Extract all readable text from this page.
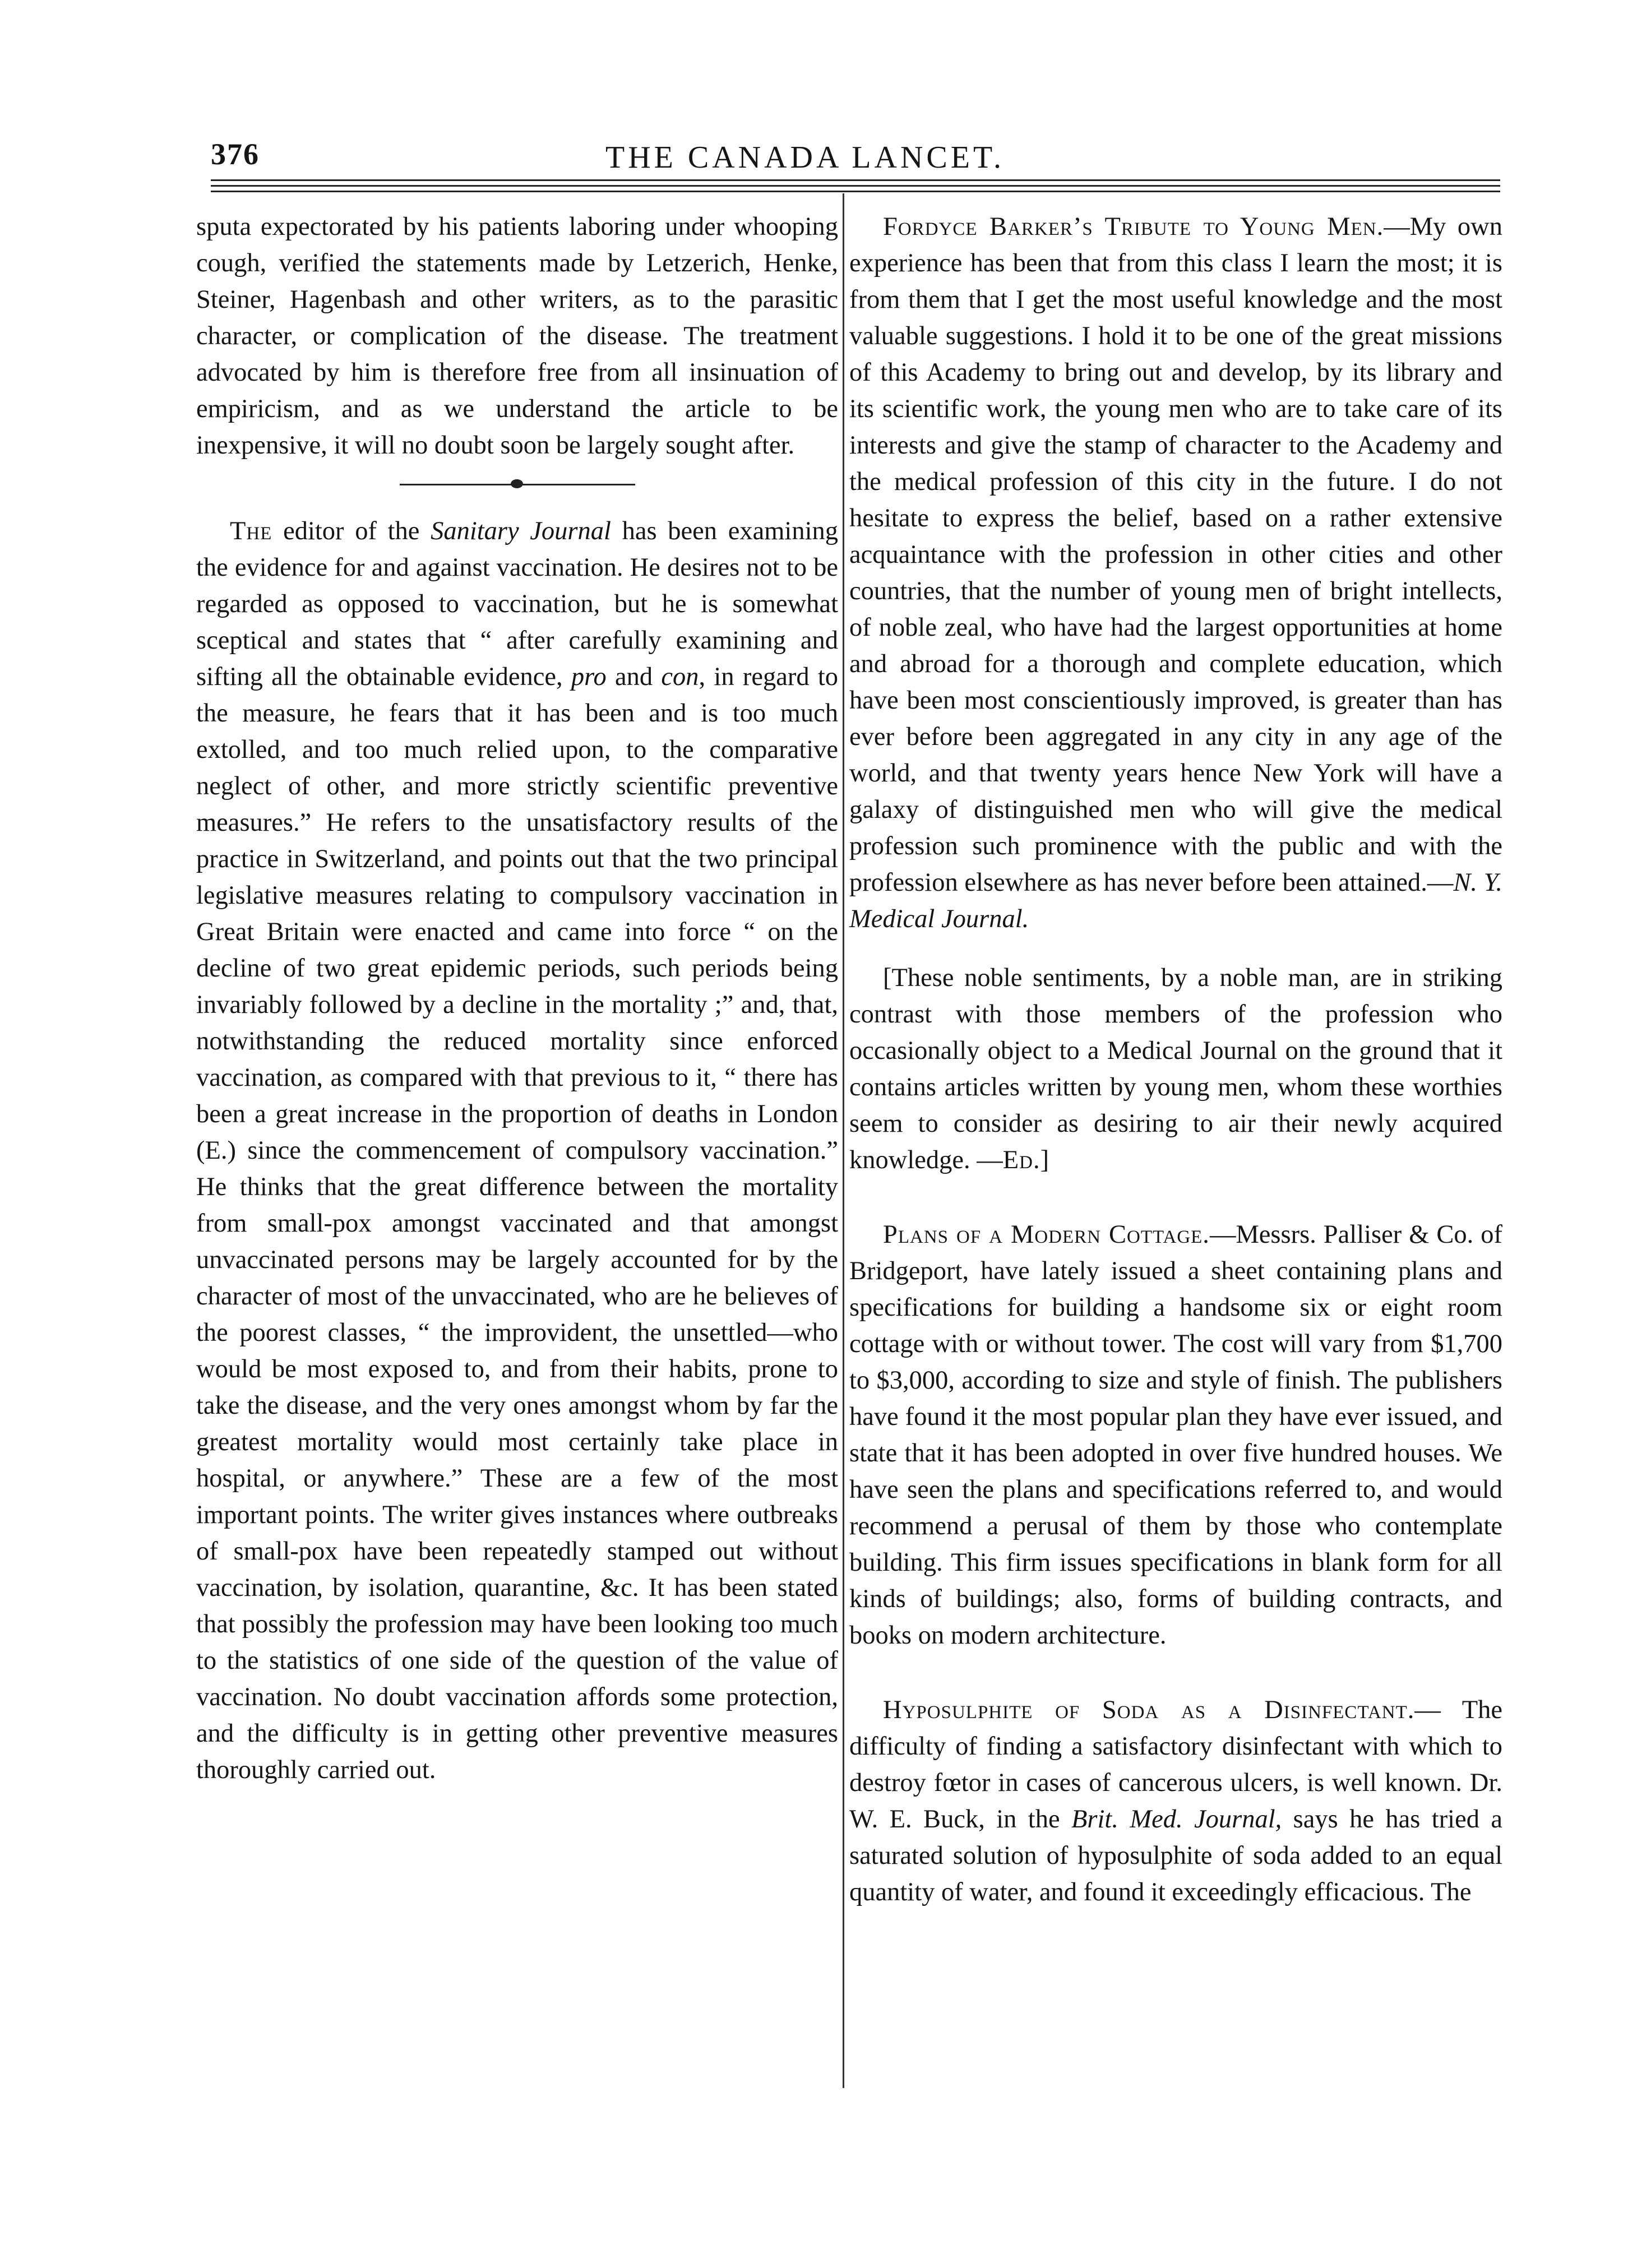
376	THE CANADA LANCET.

sputa expectorated by his patients laboring under whooping cough, verified the statements made by Letzerich, Henke, Steiner, Hagenbash and other writers, as to the parasitic character, or complication of the disease. The treatment advocated by him is therefore free from all insinuation of empiricism, and as we understand the article to be inexpensive, it will no doubt soon be largely sought after.

The editor of the Sanitary Journal has been examining the evidence for and against vaccination. He desires not to be regarded as opposed to vaccination, but he is somewhat sceptical and states that “ after carefully examining and sifting all the obtainable evidence, pro and con, in regard to the measure, he fears that it has been and is too much extolled, and too much relied upon, to the comparative neglect of other, and more strictly scientific preventive measures.” He refers to the unsatisfactory results of the practice in Switzerland, and points out that the two principal legislative measures relating to compulsory vaccination in Great Britain were enacted and came into force “ on the decline of two great epidemic periods, such periods being invariably followed by a decline in the mortality ;” and, that, notwithstanding the reduced mortality since enforced vaccination, as compared with that previous to it, “ there has been a great increase in the proportion of deaths in London (E.) since the commencement of compulsory vaccination.” He thinks that the great difference between the mortality from small-pox amongst vaccinated and that amongst unvaccinated persons may be largely accounted for by the character of most of the unvaccinated, who are he believes of the poorest classes, “ the improvident, the unsettled—who would be most exposed to, and from their habits, prone to take the disease, and the very ones amongst whom by far the greatest mortality would most certainly take place in hospital, or anywhere.” These are a few of the most important points. The writer gives instances where outbreaks of small-pox have been repeatedly stamped out without vaccination, by isolation, quarantine, &c. It has been stated that possibly the profession may have been looking too much to the statistics of one side of the question of the value of vaccination. No doubt vaccination affords some protection, and the difficulty is in getting other preventive measures thoroughly carried out.

Fordyce Barker’s Tribute to Young Men.—My own experience has been that from this class I learn the most; it is from them that I get the most useful knowledge and the most valuable suggestions. I hold it to be one of the great missions of this Academy to bring out and develop, by its library and its scientific work, the young men who are to take care of its interests and give the stamp of character to the Academy and the medical profession of this city in the future. I do not hesitate to express the belief, based on a rather extensive acquaintance with the profession in other cities and other countries, that the number of young men of bright intellects, of noble zeal, who have had the largest opportunities at home and abroad for a thorough and complete education, which have been most conscientiously improved, is greater than has ever before been aggregated in any city in any age of the world, and that twenty years hence New York will have a galaxy of distinguished men who will give the medical profession such prominence with the public and with the profession elsewhere as has never before been attained.—N. Y. Medical Journal.

[These noble sentiments, by a noble man, are in striking contrast with those members of the profession who occasionally object to a Medical Journal on the ground that it contains articles written by young men, whom these worthies seem to consider as desiring to air their newly acquired knowledge. —Ed.]

Plans of a Modern Cottage.—Messrs. Palliser & Co. of Bridgeport, have lately issued a sheet containing plans and specifications for building a handsome six or eight room cottage with or without tower. The cost will vary from $1,700 to $3,000, according to size and style of finish. The publishers have found it the most popular plan they have ever issued, and state that it has been adopted in over five hundred houses. We have seen the plans and specifications referred to, and would recommend a perusal of them by those who contemplate building. This firm issues specifications in blank form for all kinds of buildings; also, forms of building contracts, and books on modern architecture.

Hyposulphite of Soda as a Disinfectant.— The difficulty of finding a satisfactory disinfectant with which to destroy fœtor in cases of cancerous ulcers, is well known. Dr. W. E. Buck, in the Brit. Med. Journal, says he has tried a saturated solution of hyposulphite of soda added to an equal quantity of water, and found it exceedingly efficacious. The
